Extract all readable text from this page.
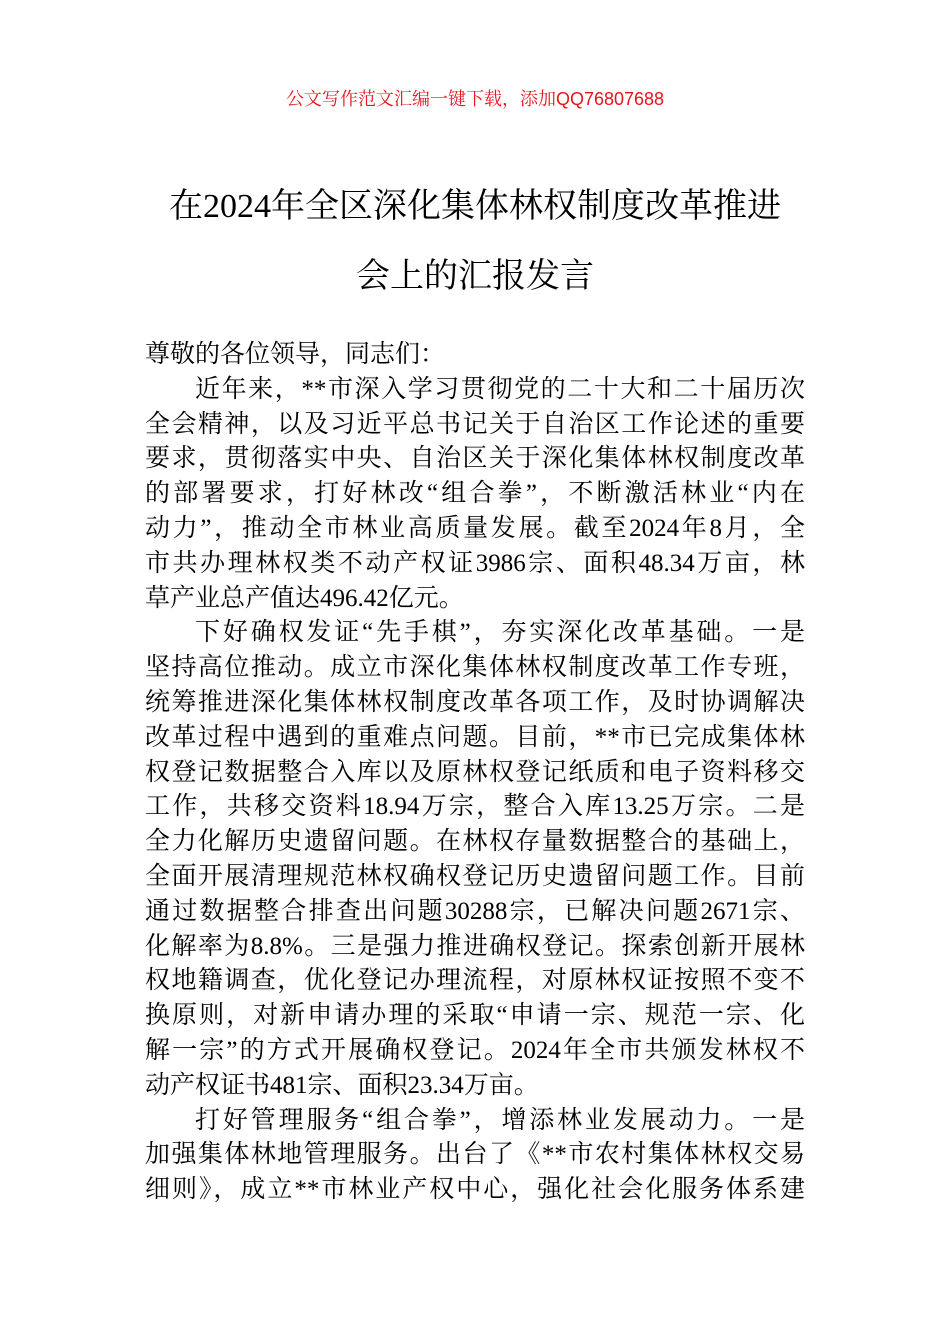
公文写作范文汇编一键下载，添加QQ76807688
在2024年全区深化集体林权制度改革推进
会上的汇报发言
尊敬的各位领导，同志们：
近年来，**市深入学习贯彻党的二十大和二十届历次
全会精神，以及习近平总书记关于自治区工作论述的重要
要求，贯彻落实中央、自治区关于深化集体林权制度改革
的部署要求，打好林改“组合拳”，不断激活林业“内在
动力”，推动全市林业高质量发展。截至2024年8月，全
市共办理林权类不动产权证3986宗、面积48.34万亩，林
草产业总产值达496.42亿元。
下好确权发证“先手棋”，夯实深化改革基础。一是
坚持高位推动。成立市深化集体林权制度改革工作专班，
统筹推进深化集体林权制度改革各项工作，及时协调解决
改革过程中遇到的重难点问题。目前，**市已完成集体林
权登记数据整合入库以及原林权登记纸质和电子资料移交
工作，共移交资料18.94万宗，整合入库13.25万宗。二是
全力化解历史遗留问题。在林权存量数据整合的基础上，
全面开展清理规范林权确权登记历史遗留问题工作。目前
通过数据整合排查出问题30288宗，已解决问题2671宗、
化解率为8.8%。三是强力推进确权登记。探索创新开展林
权地籍调查，优化登记办理流程，对原林权证按照不变不
换原则，对新申请办理的采取“申请一宗、规范一宗、化
解一宗”的方式开展确权登记。2024年全市共颁发林权不
动产权证书481宗、面积23.34万亩。
打好管理服务“组合拳”，增添林业发展动力。一是
加强集体林地管理服务。出台了《**市农村集体林权交易
细则》，成立**市林业产权中心，强化社会化服务体系建
